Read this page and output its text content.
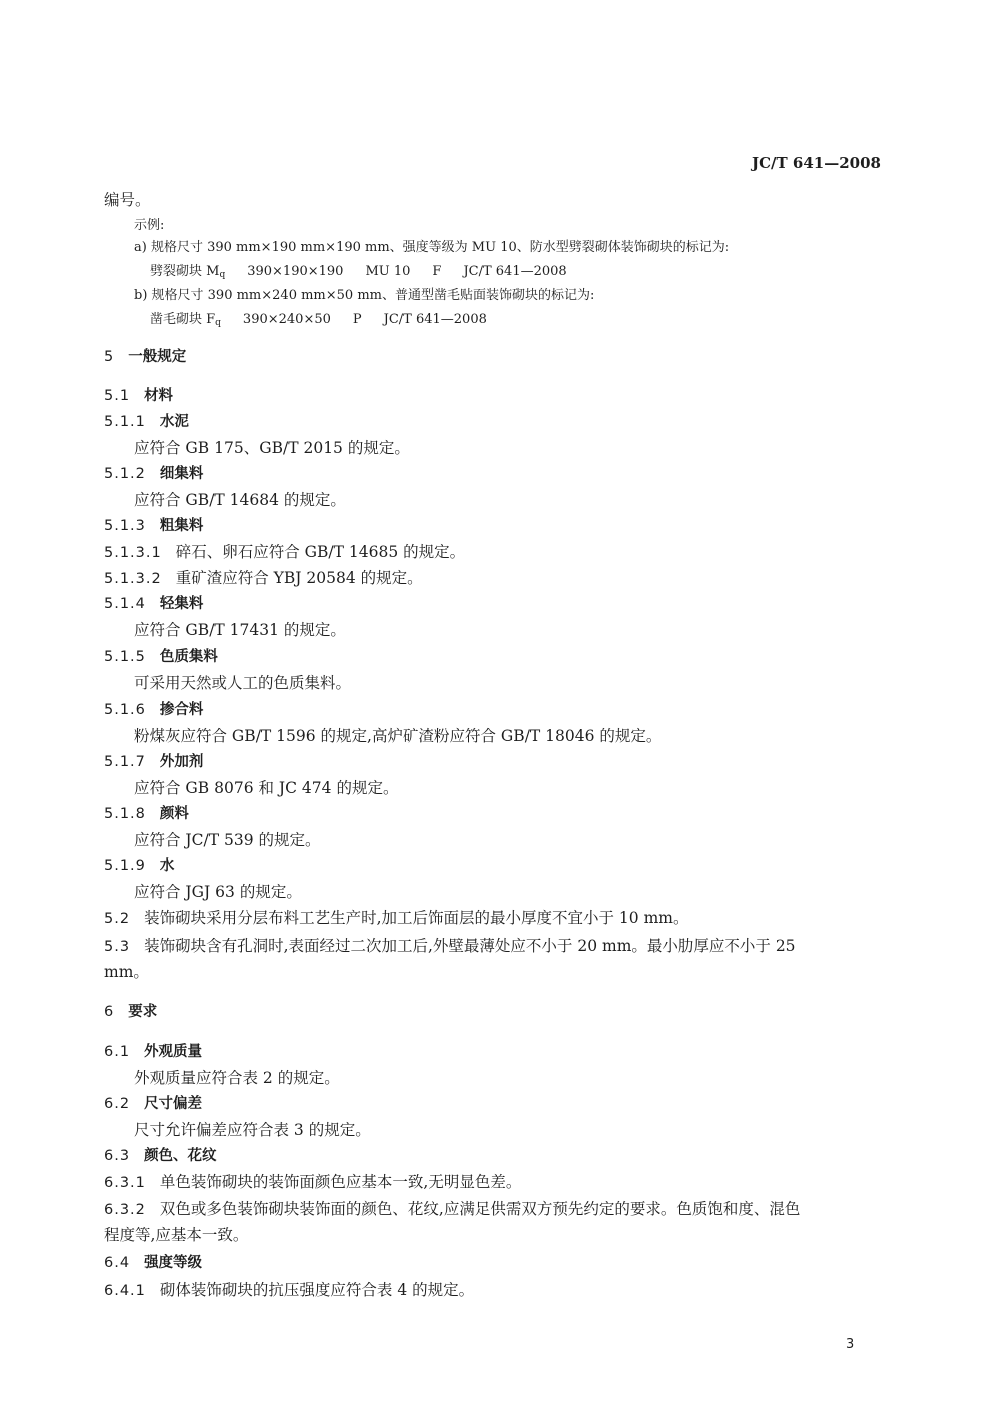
JC/T 641—2008
编号。
示例:
a) 规格尺寸 390 mm×190 mm×190 mm、强度等级为 MU 10、防水型劈裂砌体装饰砌块的标记为:
劈裂砌块 $M_q$ 390×190×190 MU 10 F JC/T 641—2008
b) 规格尺寸 390 mm×240 mm×50 mm、普通型凿毛贴面装饰砌块的标记为:
凿毛砌块 $F_q$ 390×240×50 P JC/T 641—2008
5 一般规定
5.1 材料
5.1.1 水泥
应符合 GB 175、GB/T 2015 的规定。
5.1.2 细集料
应符合 GB/T 14684 的规定。
5.1.3 粗集料
5.1.3.1 碎石、卵石应符合 GB/T 14685 的规定。
5.1.3.2 重矿渣应符合 YBJ 20584 的规定。
5.1.4 轻集料
应符合 GB/T 17431 的规定。
5.1.5 色质集料
可采用天然或人工的色质集料。
5.1.6 掺合料
粉煤灰应符合 GB/T 1596 的规定,高炉矿渣粉应符合 GB/T 18046 的规定。
5.1.7 外加剂
应符合 GB 8076 和 JC 474 的规定。
5.1.8 颜料
应符合 JC/T 539 的规定。
5.1.9 水
应符合 JGJ 63 的规定。
5.2 装饰砌块采用分层布料工艺生产时,加工后饰面层的最小厚度不宜小于 10 mm。
5.3 装饰砌块含有孔洞时,表面经过二次加工后,外壁最薄处应不小于 20 mm。最小肋厚应不小于 25
mm。
6 要求
6.1 外观质量
外观质量应符合表 2 的规定。
6.2 尺寸偏差
尺寸允许偏差应符合表 3 的规定。
6.3 颜色、花纹
6.3.1 单色装饰砌块的装饰面颜色应基本一致,无明显色差。
6.3.2 双色或多色装饰砌块装饰面的颜色、花纹,应满足供需双方预先约定的要求。色质饱和度、混色
程度等,应基本一致。
6.4 强度等级
6.4.1 砌体装饰砌块的抗压强度应符合表 4 的规定。
3
